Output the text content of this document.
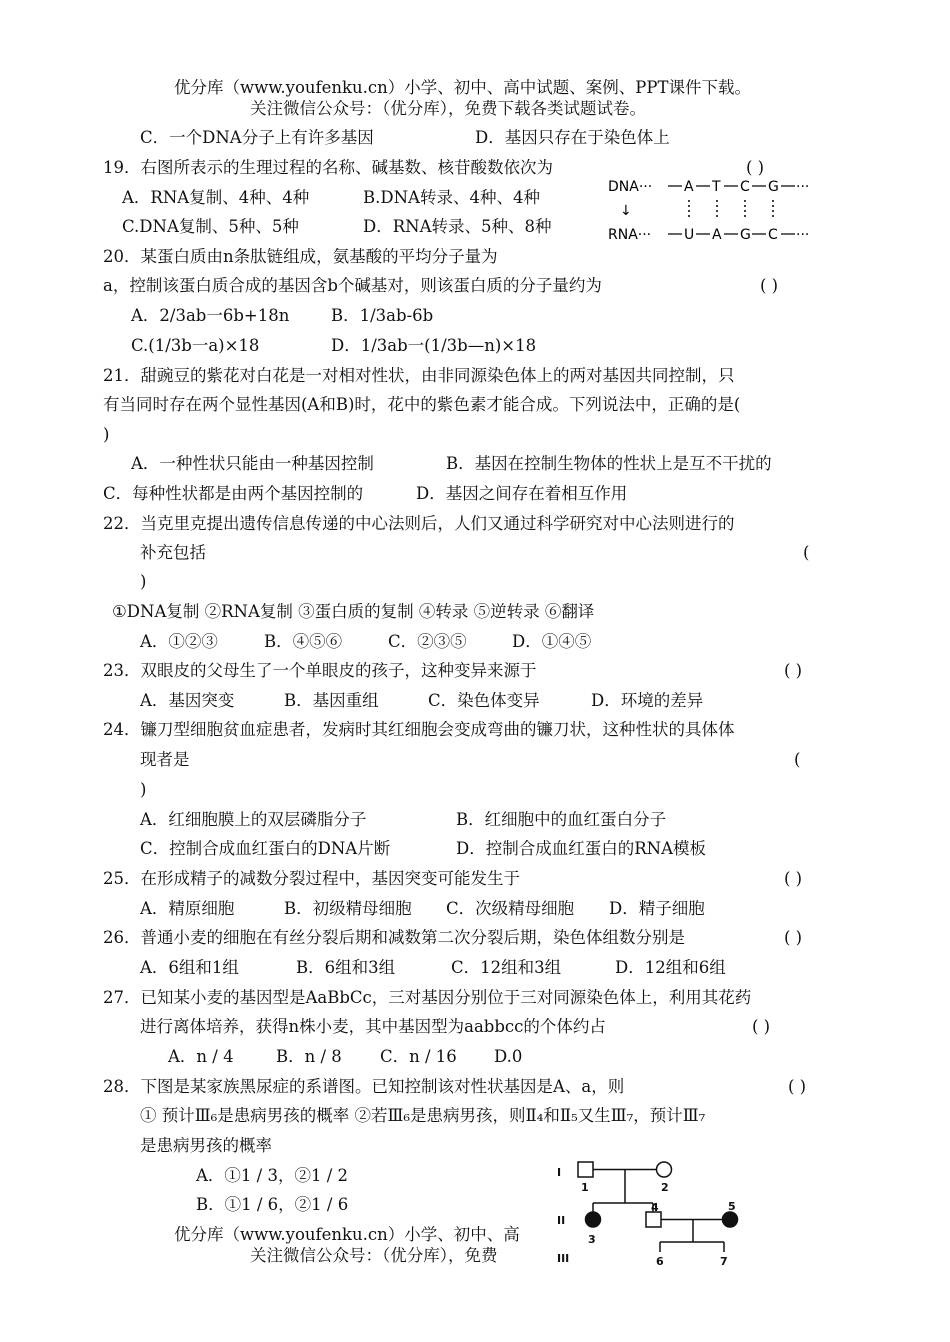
优分库（www.youfenku.cn）小学、初中、高中试题、案例、PPT课件下载。
关注微信公众号：（优分库），免费下载各类试题试卷。
C．一个DNA分子上有许多基因	D．基因只存在于染色体上
19．右图所表示的生理过程的名称、碱基数、核苷酸数依次为	( )
A．RNA复制、4种、4种	B.DNA转录、4种、4种
C.DNA复制、5种、5种	D．RNA转录、5种、8种
DNA··· A T C G ···
↓
RNA··· U A G C ···
20．某蛋白质由n条肽链组成，氨基酸的平均分子量为
a，控制该蛋白质合成的基因含b个碱基对，则该蛋白质的分子量约为	( )
A．2/3ab一6b+18n	B．1/3ab-6b
C.(1/3b一a)×18	D．1/3ab一(1/3b—n)×18
21．甜豌豆的紫花对白花是一对相对性状，由非同源染色体上的两对基因共同控制，只
有当同时存在两个显性基因(A和B)时，花中的紫色素才能合成。下列说法中，正确的是(
)
A．一种性状只能由一种基因控制	B．基因在控制生物体的性状上是互不干扰的
C．每种性状都是由两个基因控制的	D．基因之间存在着相互作用
22．当克里克提出遗传信息传递的中心法则后，人们又通过科学研究对中心法则进行的
补充包括	(
)
①DNA复制 ②RNA复制 ③蛋白质的复制 ④转录 ⑤逆转录 ⑥翻译
A．①②③	B．④⑤⑥	C．②③⑤	D．①④⑤
23．双眼皮的父母生了一个单眼皮的孩子，这种变异来源于	( )
A．基因突变	B．基因重组	C．染色体变异	D．环境的差异
24．镰刀型细胞贫血症患者，发病时其红细胞会变成弯曲的镰刀状，这种性状的具体体
现者是	(
)
A．红细胞膜上的双层磷脂分子	B．红细胞中的血红蛋白分子
C．控制合成血红蛋白的DNA片断	D．控制合成血红蛋白的RNA模板
25．在形成精子的减数分裂过程中，基因突变可能发生于	( )
A．精原细胞	B．初级精母细胞 C．次级精母细胞 D．精子细胞
26．普通小麦的细胞在有丝分裂后期和减数第二次分裂后期，染色体组数分别是	( )
A．6组和1组	B．6组和3组	C．12组和3组	D．12组和6组
27．已知某小麦的基因型是AaBbCc，三对基因分别位于三对同源染色体上，利用其花药
进行离体培养，获得n株小麦，其中基因型为aabbcc的个体约占	( )
A．n / 4	B．n / 8 C．n / 16 D.0
28．下图是某家族黑尿症的系谱图。已知控制该对性状基因是A、a，则	( )
① 预计Ⅲ₆是患病男孩的概率 ②若Ⅲ₆是患病男孩，则Ⅱ₄和Ⅱ₅又生Ⅲ₇，预计Ⅲ₇
是患病男孩的概率
A．①1 / 3，②1 / 2
B．①1 / 6，②1 / 6
优分库（www.youfenku.cn）小学、初中、高
关注微信公众号：（优分库），免费
I
II
III
1	2
3
4	5
6	7
